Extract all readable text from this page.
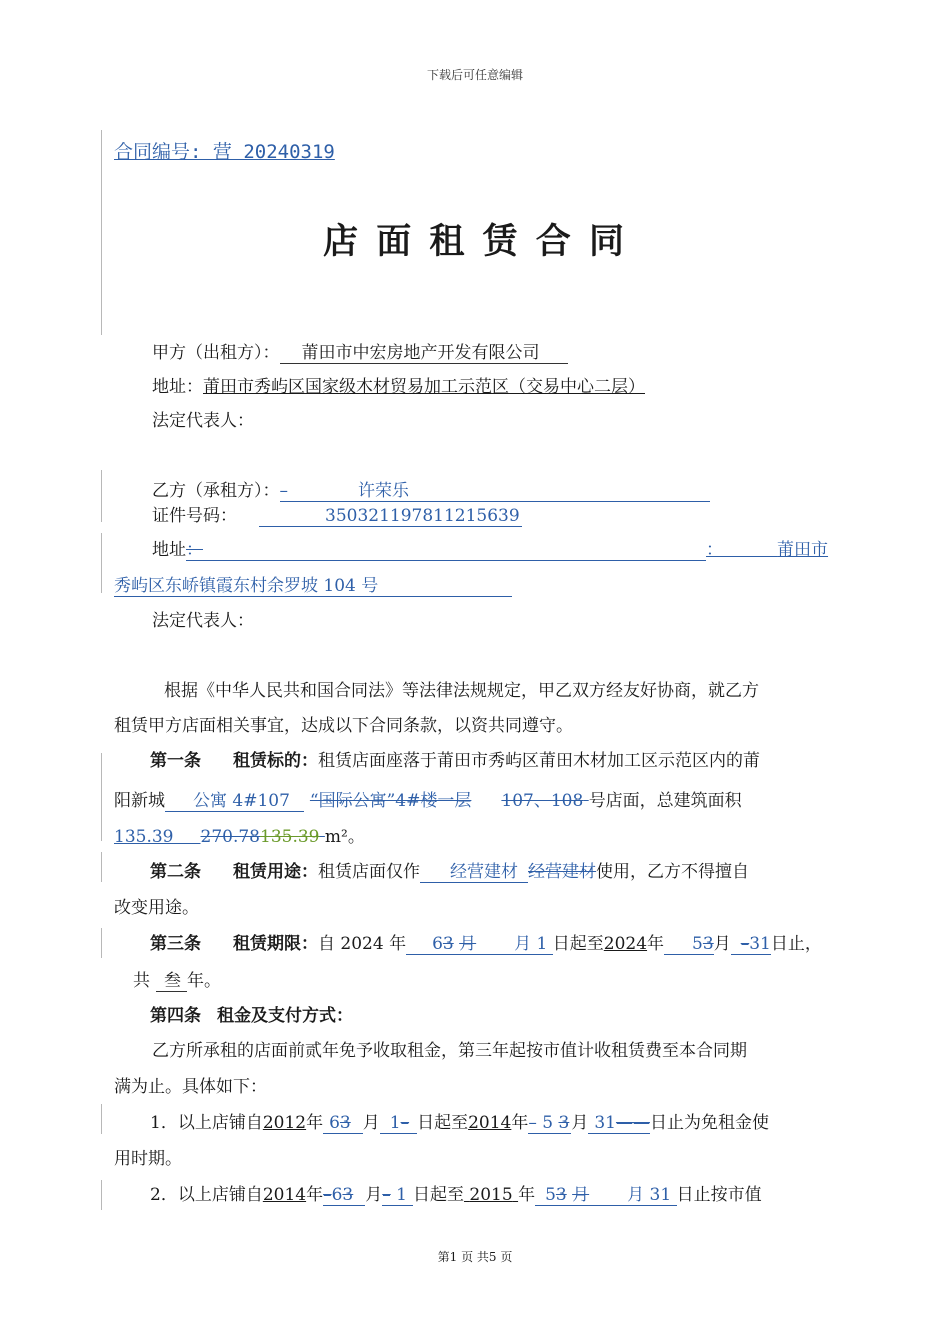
下载后可任意编辑
合同编号: 营 20240319
店 面 租 赁 合 同
甲方（出租方）： 莆田市中宏房地产开发有限公司
地址：莆田市秀屿区国家级木材贸易加工示范区（交易中心二层）
法定代表人：
乙方（承租方）：–	许荣乐
证件号码：	350321197811215639
地址：	：          莆田市
秀屿区东峤镇霞东村余罗坡 104 号
法定代表人：
根据《中华人民共和国合同法》等法律法规规定，甲乙双方经友好协商，就乙方
租赁甲方店面相关事宜，达成以下合同条款，以资共同遵守。
第一条 租赁标的：租赁店面座落于莆田市秀屿区莆田木材加工区示范区内的莆
阳新城 公寓 4#107 “国际公寓”4#楼一层 107、108 号店面，总建筑面积
135.39 270.78135.39 m²。
第二条 租赁用途：租赁店面仅作 经营建材 经营建材使用，乙方不得擅自
改变用途。
第三条 租赁期限：自 2024 年 63 月 月 1 日起至2024年 53月 –31日止，
共 叁 年。
第四条 租金及支付方式：
乙方所承租的店面前贰年免予收取租金，第三年起按市值计收租赁费至本合同期
满为止。具体如下：
1．以上店铺自2012年 63 月 1– 日起至2014年– 5 3 月 31——日止为免租金使
用时期。
2．以上店铺自2014年–63 月– 1 日起至 2015 年 53 月 月 31 日止按市值
第1 页 共5 页
